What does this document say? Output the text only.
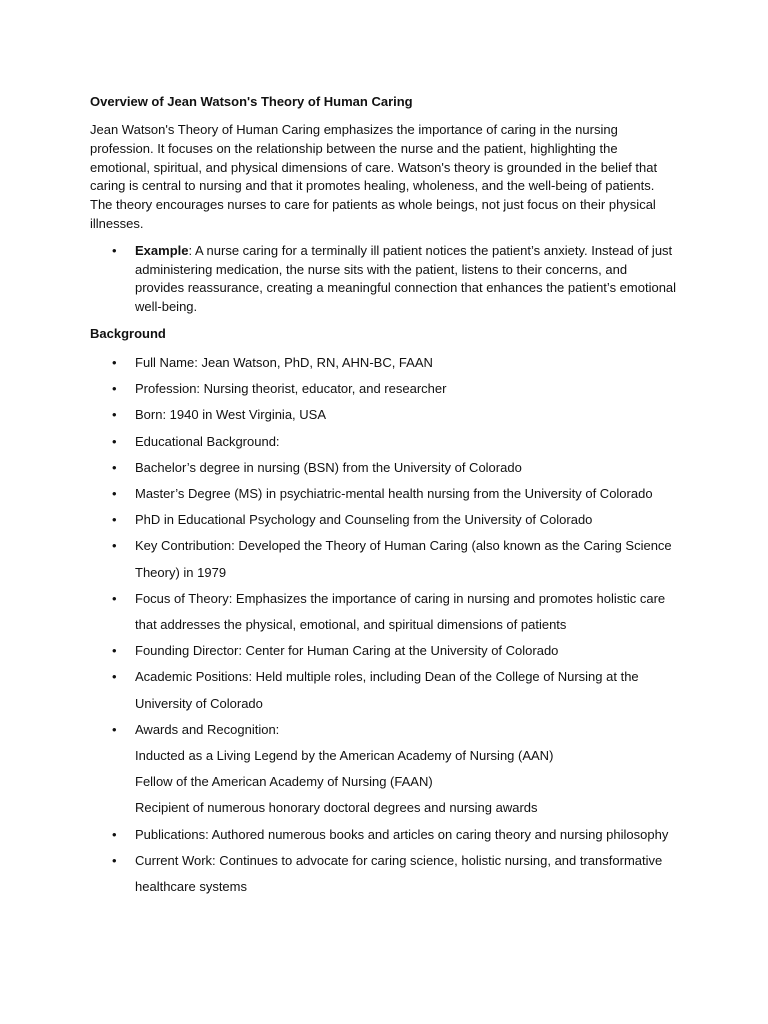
Overview of Jean Watson's Theory of Human Caring

Jean Watson's Theory of Human Caring emphasizes the importance of caring in the nursing profession. It focuses on the relationship between the nurse and the patient, highlighting the emotional, spiritual, and physical dimensions of care. Watson's theory is grounded in the belief that caring is central to nursing and that it promotes healing, wholeness, and the well-being of patients. The theory encourages nurses to care for patients as whole beings, not just focus on their physical illnesses.

• Example: A nurse caring for a terminally ill patient notices the patient’s anxiety. Instead of just administering medication, the nurse sits with the patient, listens to their concerns, and provides reassurance, creating a meaningful connection that enhances the patient’s emotional well-being.
Background
• Full Name: Jean Watson, PhD, RN, AHN-BC, FAAN
• Profession: Nursing theorist, educator, and researcher
• Born: 1940 in West Virginia, USA
• Educational Background:
• Bachelor’s degree in nursing (BSN) from the University of Colorado
• Master’s Degree (MS) in psychiatric-mental health nursing from the University of Colorado
• PhD in Educational Psychology and Counseling from the University of Colorado
• Key Contribution: Developed the Theory of Human Caring (also known as the Caring Science Theory) in 1979
• Focus of Theory: Emphasizes the importance of caring in nursing and promotes holistic care that addresses the physical, emotional, and spiritual dimensions of patients
• Founding Director: Center for Human Caring at the University of Colorado
• Academic Positions: Held multiple roles, including Dean of the College of Nursing at the University of Colorado
• Awards and Recognition:
Inducted as a Living Legend by the American Academy of Nursing (AAN)
Fellow of the American Academy of Nursing (FAAN)
Recipient of numerous honorary doctoral degrees and nursing awards
• Publications: Authored numerous books and articles on caring theory and nursing philosophy
• Current Work: Continues to advocate for caring science, holistic nursing, and transformative healthcare systems
